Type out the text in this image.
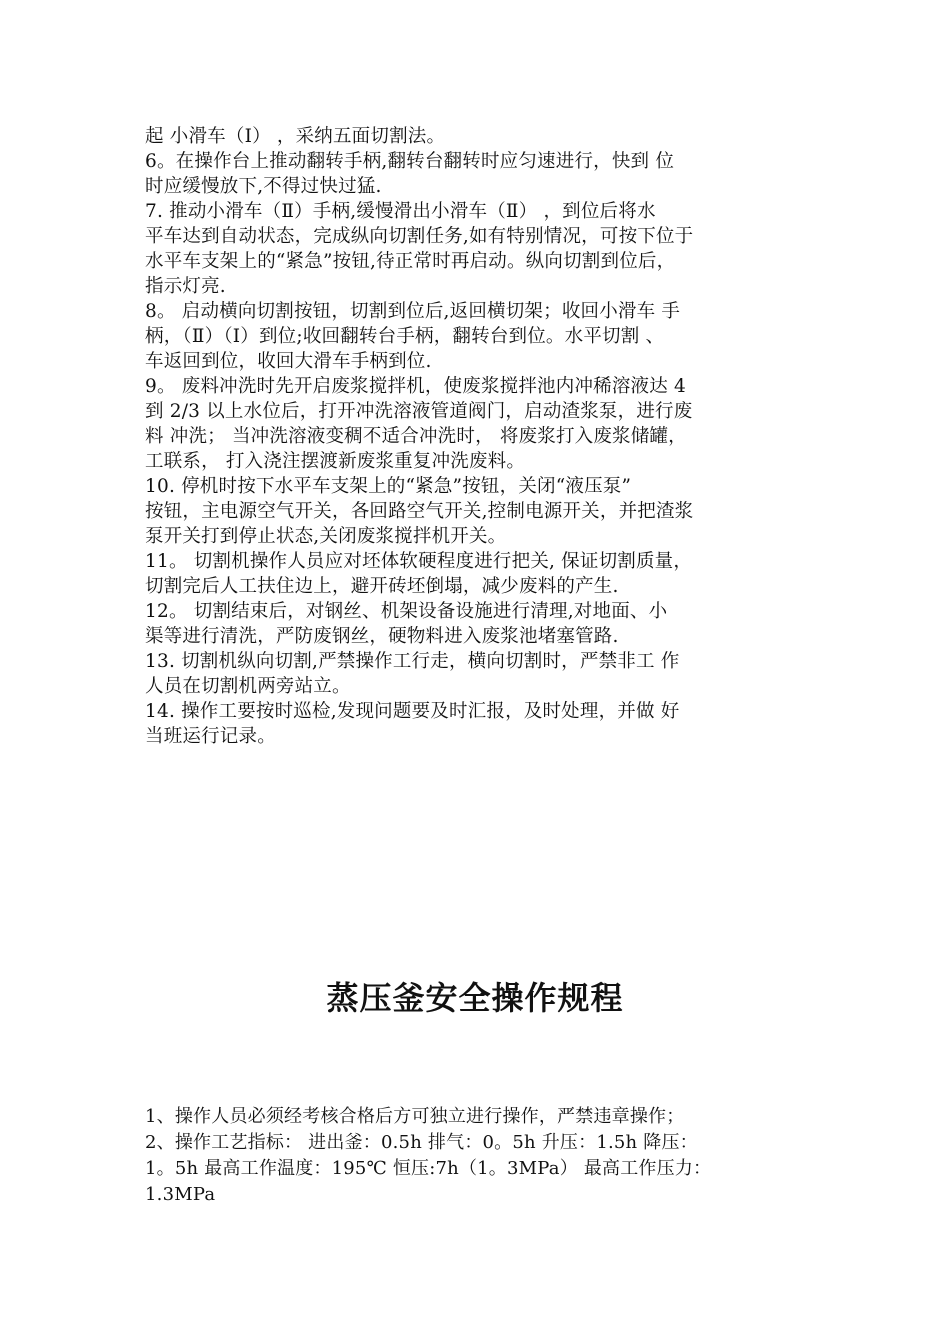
起 小滑车（Ⅰ） ，采纳五面切割法。
6。在操作台上推动翻转手柄,翻转台翻转时应匀速进行，快到 位
时应缓慢放下,不得过快过猛.
7. 推动小滑车（Ⅱ）手柄,缓慢滑出小滑车（Ⅱ） ，到位后将水
平车达到自动状态，完成纵向切割任务,如有特别情况，可按下位于
水平车支架上的“紧急”按钮,待正常时再启动。纵向切割到位后，
指示灯亮.
8。 启动横向切割按钮，切割到位后,返回横切架；收回小滑车 手
柄，（Ⅱ）（Ⅰ）到位;收回翻转台手柄，翻转台到位。水平切割 、
车返回到位，收回大滑车手柄到位.
9。 废料冲洗时先开启废浆搅拌机，使废浆搅拌池内冲稀溶液达 4
到 2/3 以上水位后，打开冲洗溶液管道阀门，启动渣浆泵，进行废
料 冲洗； 当冲洗溶液变稠不适合冲洗时， 将废浆打入废浆储罐，
工联系， 打入浇注摆渡新废浆重复冲洗废料。
10. 停机时按下水平车支架上的“紧急”按钮，关闭“液压泵”
按钮，主电源空气开关，各回路空气开关,控制电源开关，并把渣浆
泵开关打到停止状态,关闭废浆搅拌机开关。
11。 切割机操作人员应对坯体软硬程度进行把关, 保证切割质量，
切割完后人工扶住边上，避开砖坯倒塌，减少废料的产生.
12。 切割结束后，对钢丝、机架设备设施进行清理,对地面、小
渠等进行清洗，严防废钢丝，硬物料进入废浆池堵塞管路.
13. 切割机纵向切割,严禁操作工行走，横向切割时，严禁非工 作
人员在切割机两旁站立。
14. 操作工要按时巡检,发现问题要及时汇报，及时处理，并做 好
当班运行记录。
蒸压釜安全操作规程
1、操作人员必须经考核合格后方可独立进行操作，严禁违章操作；
2、操作工艺指标： 进出釜：0.5h 排气：0。5h 升压：1.5h 降压：
1。5h 最高工作温度：195℃ 恒压:7h（1。3MPa） 最高工作压力：
1.3MPa
